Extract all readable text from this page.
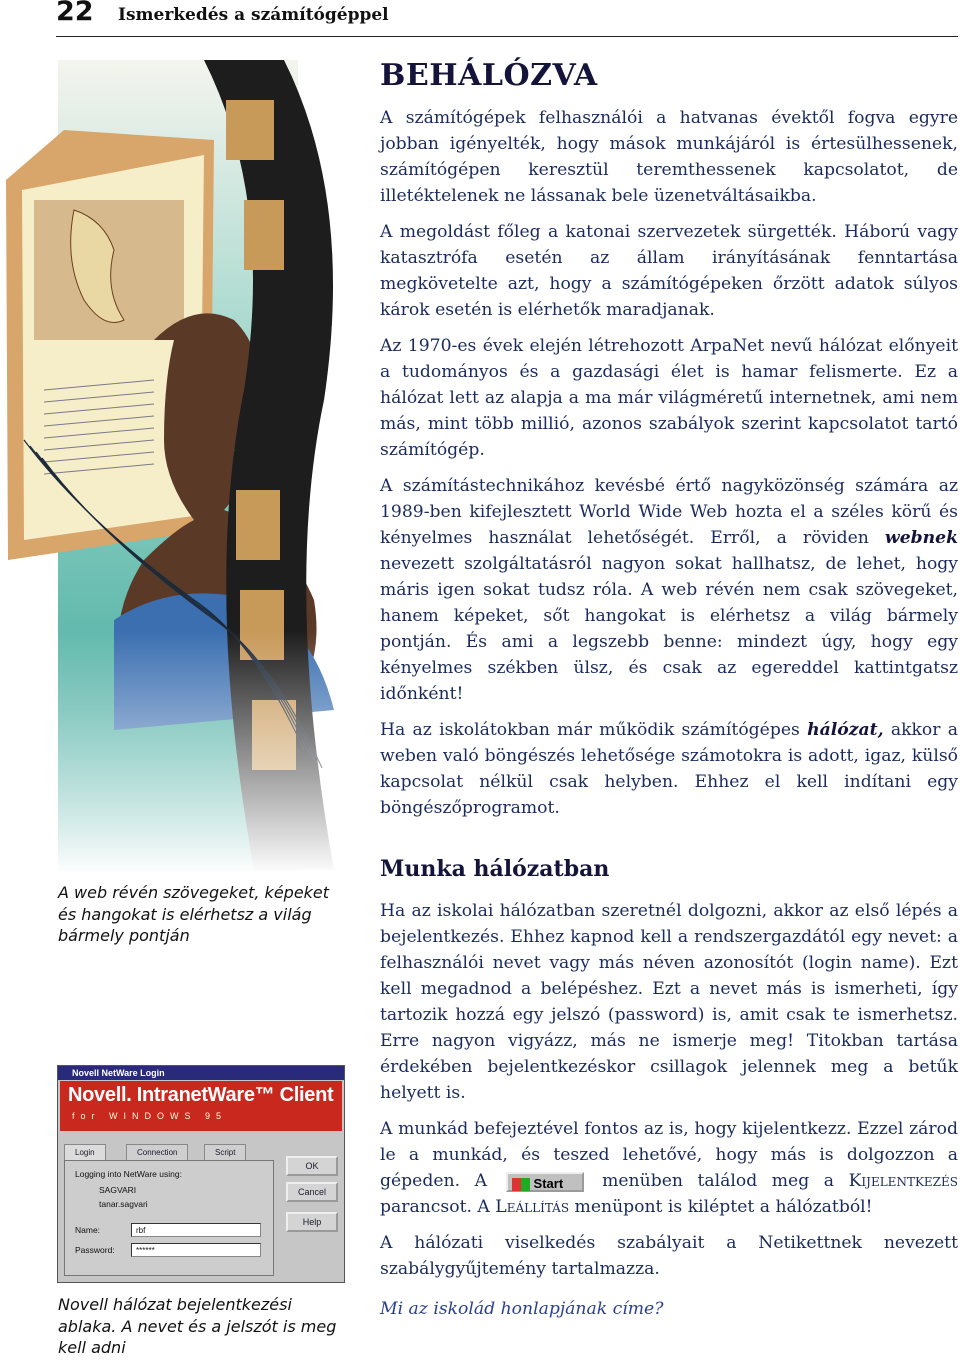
22 Ismerkedés a számítógéppel
BEHÁLÓZVA

A számítógépek felhasználói a hatvanas évektől fogva egyre jobban igényelték, hogy mások munkájáról is értesülhessenek, számítógépen keresztül teremthessenek kapcsolatot, de illetéktelenek ne lássanak bele üzenetváltásaikba.

A megoldást főleg a katonai szervezetek sürgették. Háború vagy katasztrófa esetén az állam irányításának fenntartása megkövetelte azt, hogy a számítógépeken őrzött adatok súlyos károk esetén is elérhetők maradjanak.

Az 1970-es évek elején létrehozott ArpaNet nevű hálózat előnyeit a tudományos és a gazdasági élet is hamar felismerte. Ez a hálózat lett az alapja a ma már világméretű internetnek, ami nem más, mint több millió, azonos szabályok szerint kapcsolatot tartó számítógép.

A számítástechnikához kevésbé értő nagyközönség számára az 1989-ben kifejlesztett World Wide Web hozta el a széles körű és kényelmes használat lehetőségét. Erről, a röviden webnek nevezett szolgáltatásról nagyon sokat hallhatsz, de lehet, hogy máris igen sokat tudsz róla. A web révén nem csak szövegeket, hanem képeket, sőt hangokat is elérhetsz a világ bármely pontján. És ami a legszebb benne: mindezt úgy, hogy egy kényelmes székben ülsz, és csak az egereddel kattintgatsz időnként!

Ha az iskolátokban már működik számítógépes hálózat, akkor a weben való böngészés lehetősége számotokra is adott, igaz, külső kapcsolat nélkül csak helyben. Ehhez el kell indítani egy böngészőprogramot.

Munka hálózatban

Ha az iskolai hálózatban szeretnél dolgozni, akkor az első lépés a bejelentkezés. Ehhez kapnod kell a rendszergazdától egy nevet: a felhasználói nevet vagy más néven azonosítót (login name). Ezt kell megadnod a belépéshez. Ezt a nevet más is ismerheti, így tartozik hozzá egy jelszó (password) is, amit csak te ismerhetsz. Erre nagyon vigyázz, más ne ismerje meg! Titokban tartása érdekében bejelentkezéskor csillagok jelennek meg a betűk helyett is.

A munkád befejeztével fontos az is, hogy kijelentkezz. Ezzel zárod le a munkád, és teszed lehetővé, hogy más is dolgozzon a gépeden. A Start menüben találod meg a Kijelentkezés parancsot. A Leállítás menüpont is kiléptet a hálózatból!

A hálózati viselkedés szabályait a Netikettnek nevezett szabálygyűjtemény tartalmazza.

Mi az iskolád honlapjának címe?

A web révén szövegeket, képeket és hangokat is elérhetsz a világ bármely pontján
Novell NetWare Login
Novell. IntranetWare™ Client
for WINDOWS 95
Login	Connection	Script
Logging into NetWare using:
SAGVARI
tanar.sagvari
Name:	rbf
Password:	******
OK
Cancel
Help
Novell hálózat bejelentkezési ablaka. A nevet és a jelszót is meg kell adni
